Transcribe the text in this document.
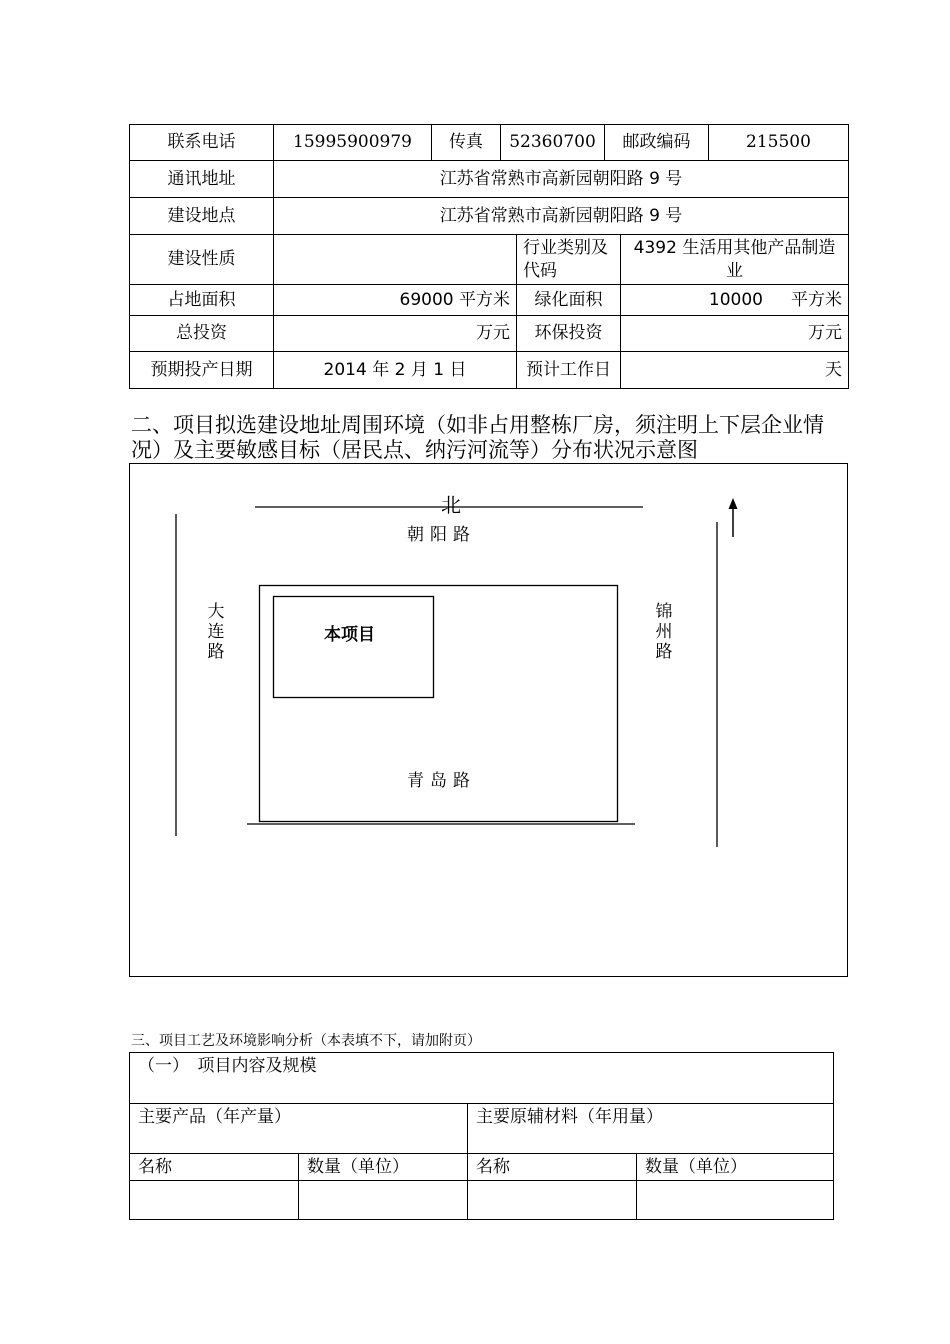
联系电话	15995900979	传真	52360700		邮政编码		215500
通讯地址	江苏省常熟市高新园朝阳路 9 号						
建设地点	江苏省常熟市高新园朝阳路 9 号						
建设性质				行业类别及代码		4392 生活用其他产品制造业	
占地面积	69000 平方米			绿化面积		10000 平方米	
总投资	万元			环保投资		万元	
预期投产日期	2014 年 2 月 1 日			预计工作日		天	
二、项目拟选建设地址周围环境（如非占用整栋厂房，须注明上下层企业情况）及主要敏感目标（居民点、纳污河流等）分布状况示意图
北
朝阳路
大连路
锦州路
青岛路
本项目
三、项目工艺及环境影响分析（本表填不下，请加附页）
（一）　项目内容及规模			
主要产品（年产量）		主要原辅材料（年用量）	
名称	数量（单位）	名称	数量（单位）
